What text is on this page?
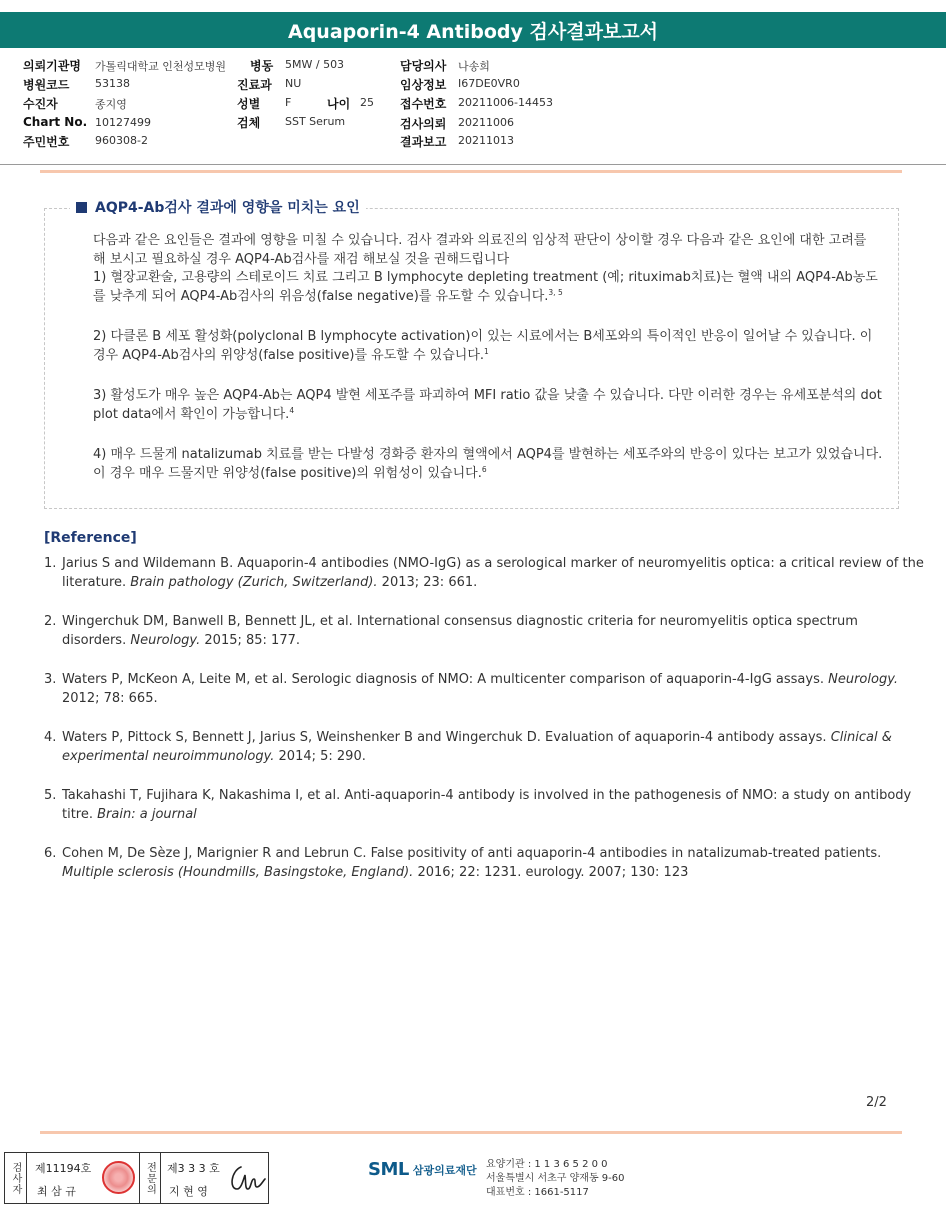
Aquaporin-4 Antibody 검사결과보고서
의뢰기관명 가톨릭대학교 인천성모병원 병동 5MW / 503	담당의사 나송희
병원코드 53138	진료과 NU	임상정보 I67DE0VR0
수진자	종지영	성별 F	나이 25 접수번호 20211006-14453
Chart No. 10127499	검체 SST Serum	검사의뢰 20211006
주민번호 960308-2	결과보고 20211013
AQP4-Ab검사 결과에 영향을 미치는 요인

다음과 같은 요인들은 결과에 영향을 미칠 수 있습니다. 검사 결과와 의료진의 임상적 판단이 상이할 경우 다음과 같은 요인에 대한 고려를 해 보시고 필요하실 경우 AQP4-Ab검사를 재검 해보실 것을 권해드립니다

1) 혈장교환술, 고용량의 스테로이드 치료 그리고 B lymphocyte depleting treatment (예; rituximab치료)는 혈액 내의 AQP4-Ab농도를 낮추게 되어 AQP4-Ab검사의 위음성(false negative)를 유도할 수 있습니다.$^{3, 5}$

2) 다클론 B 세포 활성화(polyclonal B lymphocyte activation)이 있는 시료에서는 B세포와의 특이적인 반응이 일어날 수 있습니다. 이 경우 AQP4-Ab검사의 위양성(false positive)를 유도할 수 있습니다.$^1$

3) 활성도가 매우 높은 AQP4-Ab는 AQP4 발현 세포주를 파괴하여 MFI ratio 값을 낮출 수 있습니다. 다만 이러한 경우는 유세포분석의 dot plot data에서 확인이 가능합니다.$^4$

4) 매우 드물게 natalizumab 치료를 받는 다발성 경화증 환자의 혈액에서 AQP4를 발현하는 세포주와의 반응이 있다는 보고가 있었습니다. 이 경우 매우 드물지만 위양성(false positive)의 위험성이 있습니다.$^6$

[Reference]
1. Jarius S and Wildemann B. Aquaporin-4 antibodies (NMO-IgG) as a serological marker of neuromyelitis optica: a critical review of the literature. Brain pathology (Zurich, Switzerland). 2013; 23: 661.
2. Wingerchuk DM, Banwell B, Bennett JL, et al. International consensus diagnostic criteria for neuromyelitis optica spectrum disorders. Neurology. 2015; 85: 177.
3. Waters P, McKeon A, Leite M, et al. Serologic diagnosis of NMO: A multicenter comparison of aquaporin-4-IgG assays. Neurology. 2012; 78: 665.
4. Waters P, Pittock S, Bennett J, Jarius S, Weinshenker B and Wingerchuk D. Evaluation of aquaporin-4 antibody assays. Clinical & experimental neuroimmunology. 2014; 5: 290.
5. Takahashi T, Fujihara K, Nakashima I, et al. Anti-aquaporin-4 antibody is involved in the pathogenesis of NMO: a study on antibody titre. Brain: a journal
6. Cohen M, De Sèze J, Marignier R and Lebrun C. False positivity of anti aquaporin-4 antibodies in natalizumab-treated patients. Multiple sclerosis (Houndmills, Basingstoke, England). 2016; 22: 1231. eurology. 2007; 130: 123
2/2
검사자 제11194호
최 삼 규	전문의 제3 3 3 호
지 현 영
SML 삼광의료재단 요양기관 : 1 1 3 6 5 2 0 0
서울특별시 서초구 양재동 9-60
대표번호 : 1661-5117
